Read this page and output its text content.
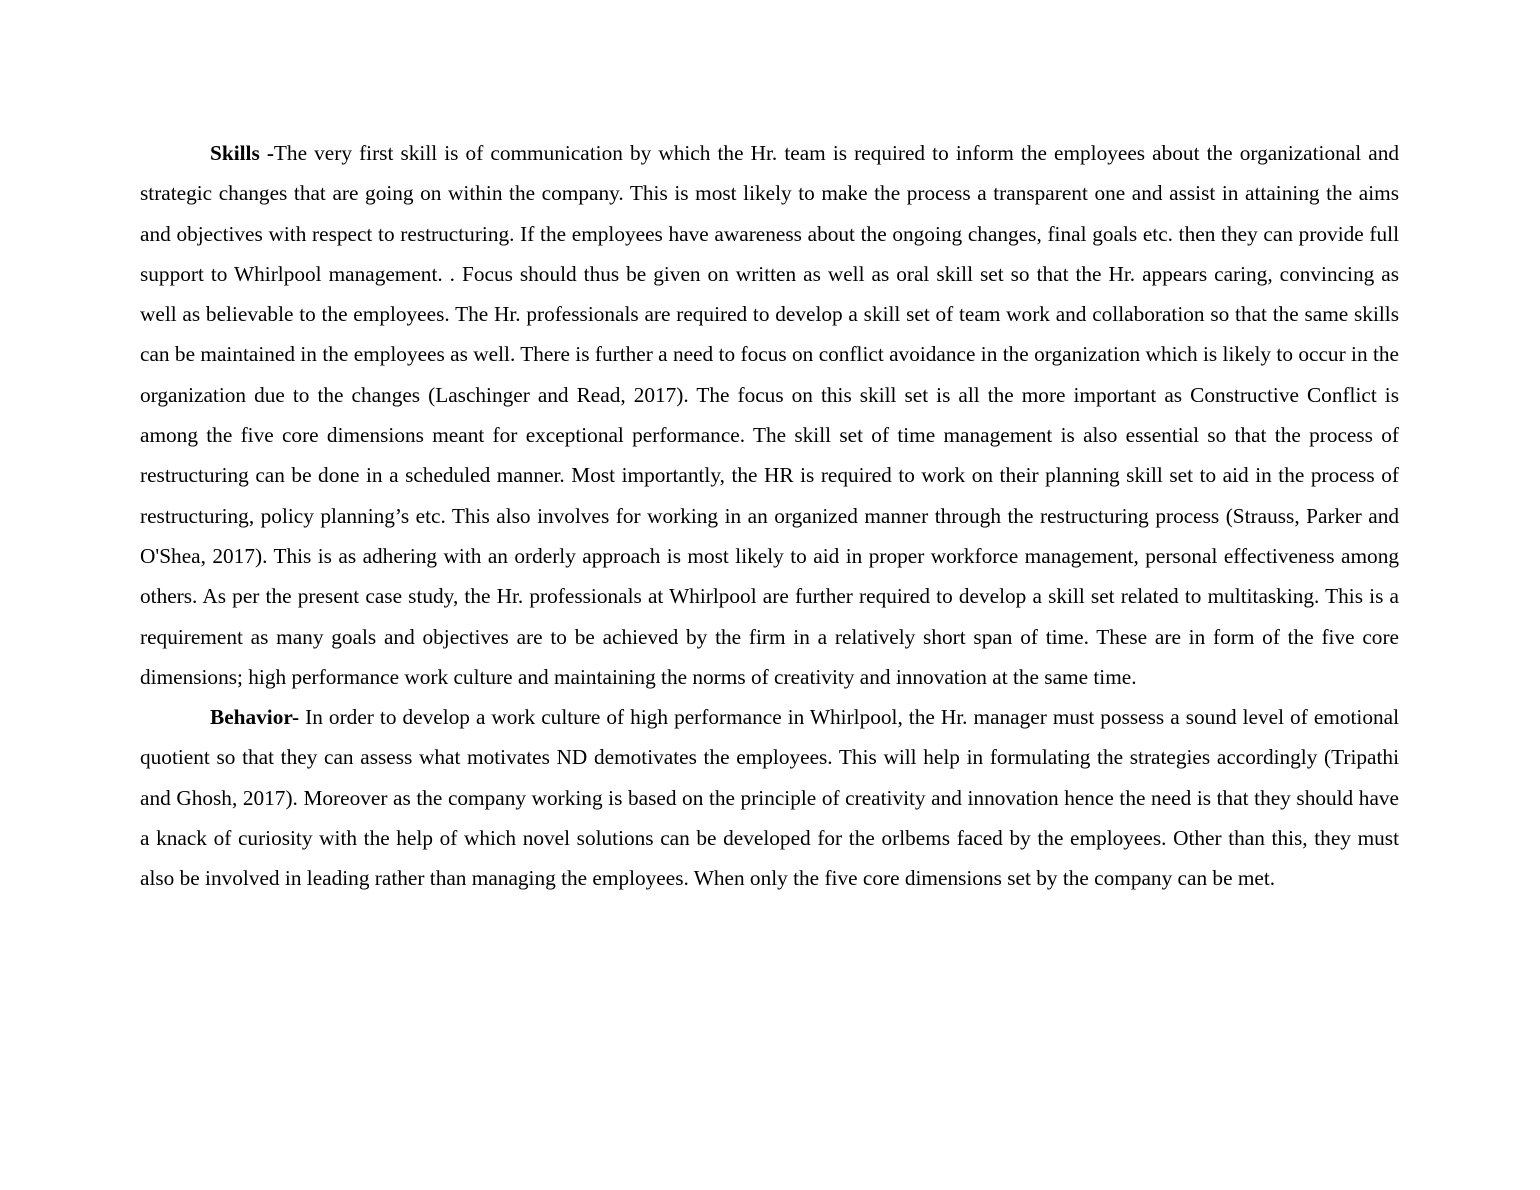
Skills -The very first skill is of communication by which the Hr. team is required to inform the employees about the organizational and strategic changes that are going on within the company. This is most likely to make the process a transparent one and assist in attaining the aims and objectives with respect to restructuring. If the employees have awareness about the ongoing changes, final goals etc. then they can provide full support to Whirlpool management. . Focus should thus be given on written as well as oral skill set so that the Hr. appears caring, convincing as well as believable to the employees. The Hr. professionals are required to develop a skill set of team work and collaboration so that the same skills can be maintained in the employees as well. There is further a need to focus on conflict avoidance in the organization which is likely to occur in the organization due to the changes (Laschinger and Read, 2017). The focus on this skill set is all the more important as Constructive Conflict is among the five core dimensions meant for exceptional performance. The skill set of time management is also essential so that the process of restructuring can be done in a scheduled manner. Most importantly, the HR is required to work on their planning skill set to aid in the process of restructuring, policy planning’s etc. This also involves for working in an organized manner through the restructuring process (Strauss, Parker and O'Shea, 2017). This is as adhering with an orderly approach is most likely to aid in proper workforce management, personal effectiveness among others. As per the present case study, the Hr. professionals at Whirlpool are further required to develop a skill set related to multitasking. This is a requirement as many goals and objectives are to be achieved by the firm in a relatively short span of time. These are in form of the five core dimensions; high performance work culture and maintaining the norms of creativity and innovation at the same time.

Behavior- In order to develop a work culture of high performance in Whirlpool, the Hr. manager must possess a sound level of emotional quotient so that they can assess what motivates ND demotivates the employees. This will help in formulating the strategies accordingly (Tripathi and Ghosh, 2017). Moreover as the company working is based on the principle of creativity and innovation hence the need is that they should have a knack of curiosity with the help of which novel solutions can be developed for the orlbems faced by the employees. Other than this, they must also be involved in leading rather than managing the employees. When only the five core dimensions set by the company can be met.
